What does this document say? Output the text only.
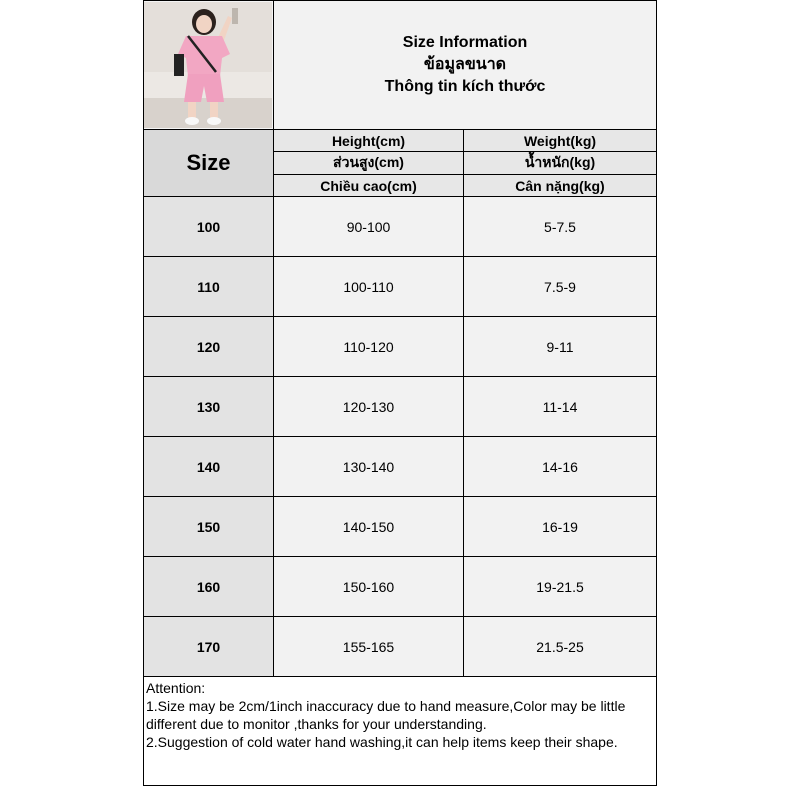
Size Information
ข้อมูลขนาด
Thông tin kích thước	

Size	Height(cm)	Weight(kg)
	ส่วนสูง(cm)	น้ำหนัก(kg)
	Chiều cao(cm)	Cân nặng(kg)
100	90-100	5-7.5
110	100-110	7.5-9
120	110-120	9-11
130	120-130	11-14
140	130-140	14-16
150	140-150	16-19
160	150-160	19-21.5
170	155-165	21.5-25

Attention:
1.Size may be 2cm/1inch inaccuracy due to hand measure,Color may be little different due to monitor ,thanks for your understanding.
2.Suggestion of cold water hand washing,it can help items keep their shape.		
